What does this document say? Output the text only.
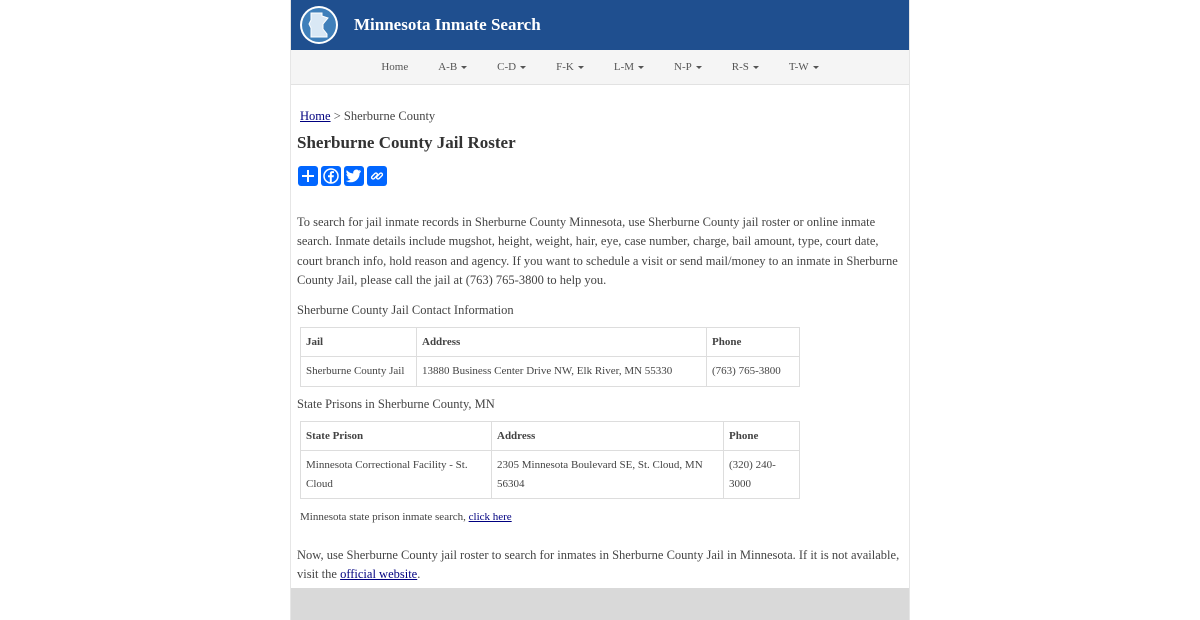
Minnesota Inmate Search
Home	A-B	C-D	F-K	L-M	N-P	R-S	T-W
Home > Sherburne County
Sherburne County Jail Roster

To search for jail inmate records in Sherburne County Minnesota, use Sherburne County jail roster or online inmate search. Inmate details include mugshot, height, weight, hair, eye, case number, charge, bail amount, type, court date, court branch info, hold reason and agency. If you want to schedule a visit or send mail/money to an inmate in Sherburne County Jail, please call the jail at (763) 765-3800 to help you.

Sherburne County Jail Contact Information
Jail	Address	Phone
Sherburne County Jail	13880 Business Center Drive NW, Elk River, MN 55330	(763) 765-3800
State Prisons in Sherburne County, MN
State Prison	Address	Phone
Minnesota Correctional Facility - St. Cloud	2305 Minnesota Boulevard SE, St. Cloud, MN 56304	(320) 240-3000
Minnesota state prison inmate search, click here
Now, use Sherburne County jail roster to search for inmates in Sherburne County Jail in Minnesota. If it is not available, visit the official website.
